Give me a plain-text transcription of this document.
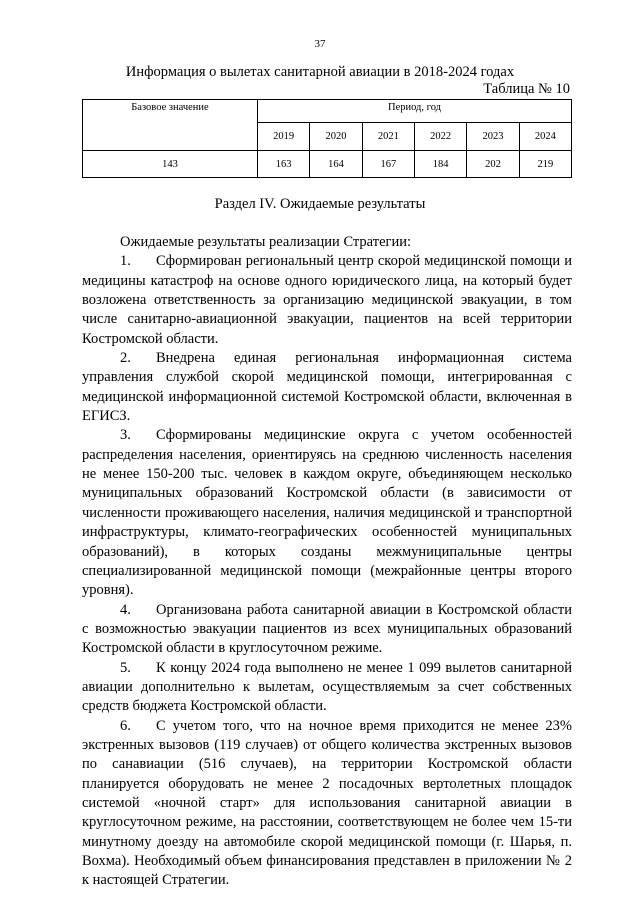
37
Информация о вылетах санитарной авиации в 2018-2024 годах
Таблица № 10
Базовое значение	Период, год					
	2019	2020	2021	2022	2023	2024
143	163	164	167	184	202	219
Раздел IV. Ожидаемые результаты

Ожидаемые результаты реализации Стратегии:

1. Сформирован региональный центр скорой медицинской помощи и медицины катастроф на основе одного юридического лица, на который будет возложена ответственность за организацию медицинской эвакуации, в том числе санитарно-авиационной эвакуации, пациентов на всей территории Костромской области.

2. Внедрена единая региональная информационная система управления службой скорой медицинской помощи, интегрированная с медицинской информационной системой Костромской области, включенная в ЕГИСЗ.

3. Сформированы медицинские округа с учетом особенностей распределения населения, ориентируясь на среднюю численность населения не менее 150-200 тыс. человек в каждом округе, объединяющем несколько муниципальных образований Костромской области (в зависимости от численности проживающего населения, наличия медицинской и транспортной инфраструктуры, климато-географических особенностей муниципальных образований), в которых созданы межмуниципальные центры специализированной медицинской помощи (межрайонные центры второго уровня).

4. Организована работа санитарной авиации в Костромской области с возможностью эвакуации пациентов из всех муниципальных образований Костромской области в круглосуточном режиме.

5. К концу 2024 года выполнено не менее 1 099 вылетов санитарной авиации дополнительно к вылетам, осуществляемым за счет собственных средств бюджета Костромской области.

6. С учетом того, что на ночное время приходится не менее 23% экстренных вызовов (119 случаев) от общего количества экстренных вызовов по санавиации (516 случаев), на территории Костромской области планируется оборудовать не менее 2 посадочных вертолетных площадок системой «ночной старт» для использования санитарной авиации в круглосуточном режиме, на расстоянии, соответствующем не более чем 15-ти минутному доезду на автомобиле скорой медицинской помощи (г. Шарья, п. Вохма). Необходимый объем финансирования представлен в приложении № 2 к настоящей Стратегии.
